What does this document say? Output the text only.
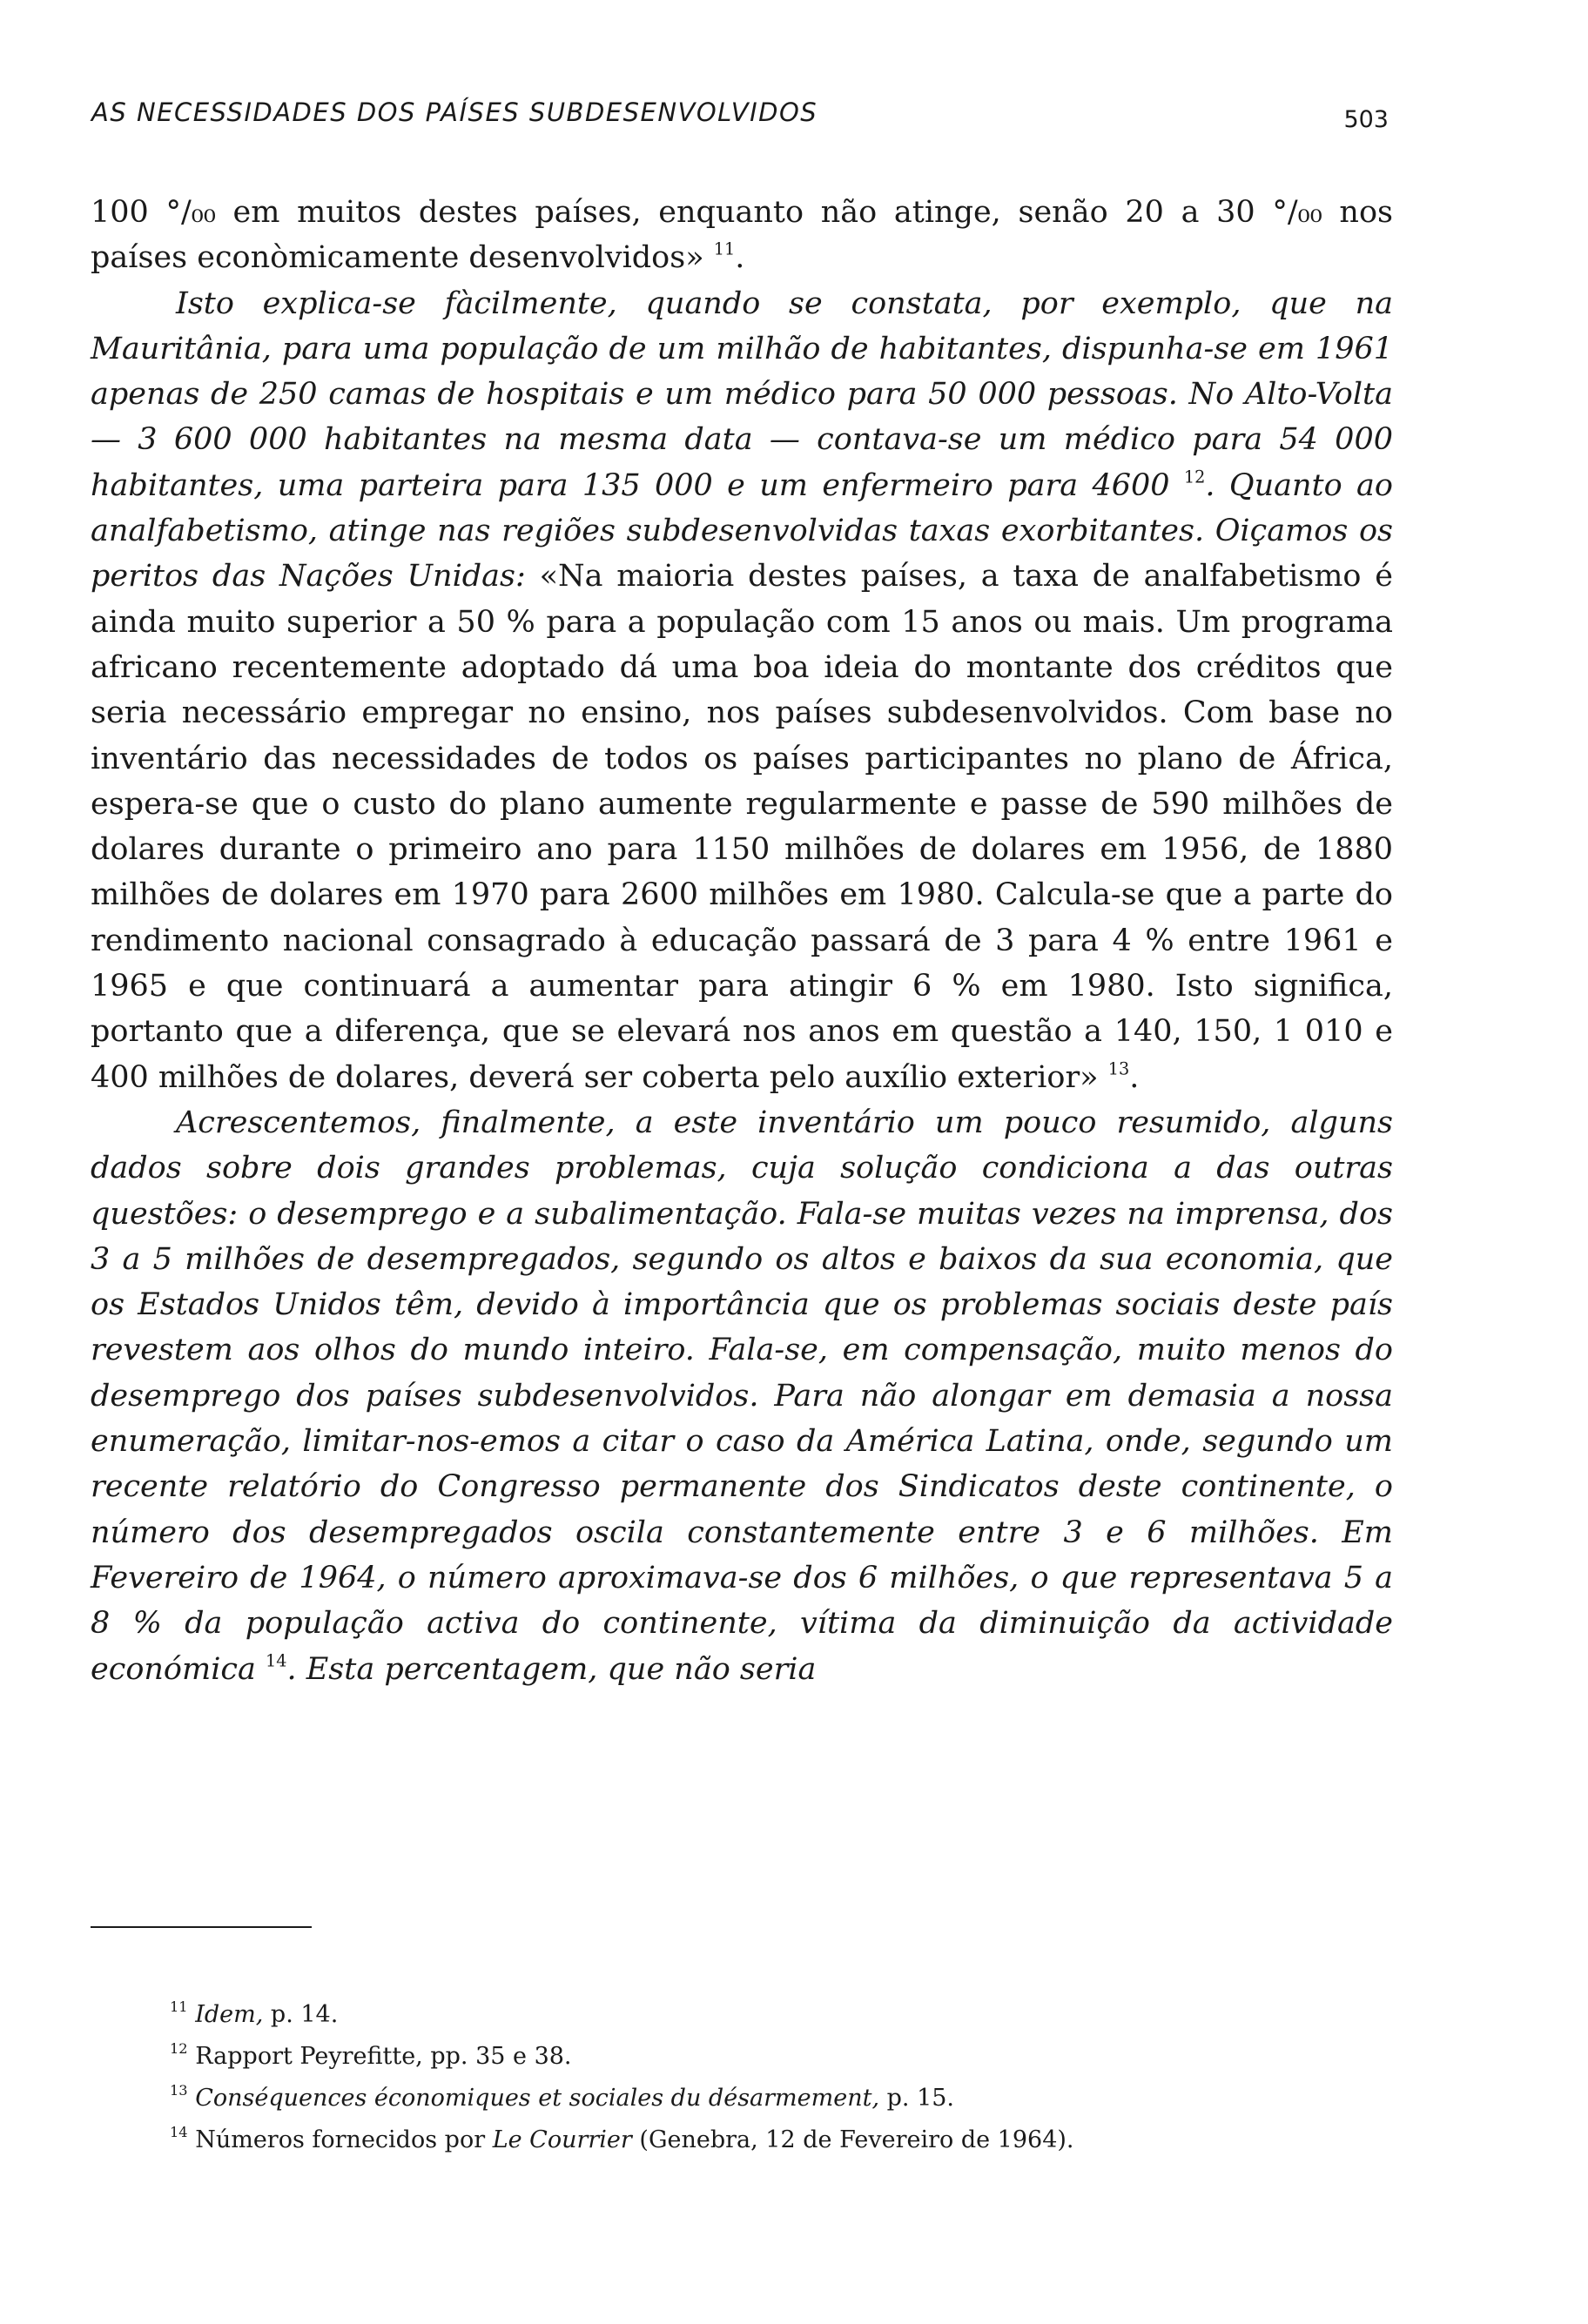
AS NECESSIDADES DOS PAÍSES SUBDESENVOLVIDOS	503

100 °/₀₀ em muitos destes países, enquanto não atinge, senão 20 a 30 °/₀₀ nos países econòmicamente desenvolvidos» $^{11}$.

Isto explica-se fàcilmente, quando se constata, por exemplo, que na Mauritânia, para uma população de um milhão de habitantes, dispunha-se em 1961 apenas de 250 camas de hospitais e um médico para 50 000 pessoas. No Alto-Volta — 3 600 000 habitantes na mesma data — contava-se um médico para 54 000 habitantes, uma parteira para 135 000 e um enfermeiro para 4600 $^{12}$. Quanto ao analfabetismo, atinge nas regiões subdesenvolvidas taxas exorbitantes. Oiçamos os peritos das Nações Unidas: «Na maioria destes países, a taxa de analfabetismo é ainda muito superior a 50 % para a população com 15 anos ou mais. Um programa africano recentemente adoptado dá uma boa ideia do montante dos créditos que seria necessário empregar no ensino, nos países subdesenvolvidos. Com base no inventário das necessidades de todos os países participantes no plano de África, espera-se que o custo do plano aumente regularmente e passe de 590 milhões de dolares durante o primeiro ano para 1150 milhões de dolares em 1956, de 1880 milhões de dolares em 1970 para 2600 milhões em 1980. Calcula-se que a parte do rendimento nacional consagrado à educação passará de 3 para 4 % entre 1961 e 1965 e que continuará a aumentar para atingir 6 % em 1980. Isto significa, portanto que a diferença, que se elevará nos anos em questão a 140, 150, 1 010 e 400 milhões de dolares, deverá ser coberta pelo auxílio exterior» $^{13}$.

Acrescentemos, finalmente, a este inventário um pouco resumido, alguns dados sobre dois grandes problemas, cuja solução condiciona a das outras questões: o desemprego e a subalimentação. Fala-se muitas vezes na imprensa, dos 3 a 5 milhões de desempregados, segundo os altos e baixos da sua economia, que os Estados Unidos têm, devido à importância que os problemas sociais deste país revestem aos olhos do mundo inteiro. Fala-se, em compensação, muito menos do desemprego dos países subdesenvolvidos. Para não alongar em demasia a nossa enumeração, limitar-nos-emos a citar o caso da América Latina, onde, segundo um recente relatório do Congresso permanente dos Sindicatos deste continente, o número dos desempregados oscila constantemente entre 3 e 6 milhões. Em Fevereiro de 1964, o número aproximava-se dos 6 milhões, o que representava 5 a 8 % da população activa do continente, vítima da diminuição da actividade económica $^{14}$. Esta percentagem, que não seria

$^{11}$ Idem, p. 14.
$^{12}$ Rapport Peyrefitte, pp. 35 e 38.
$^{13}$ Conséquences économiques et sociales du désarmement, p. 15.
$^{14}$ Números fornecidos por Le Courrier (Genebra, 12 de Fevereiro de 1964).
